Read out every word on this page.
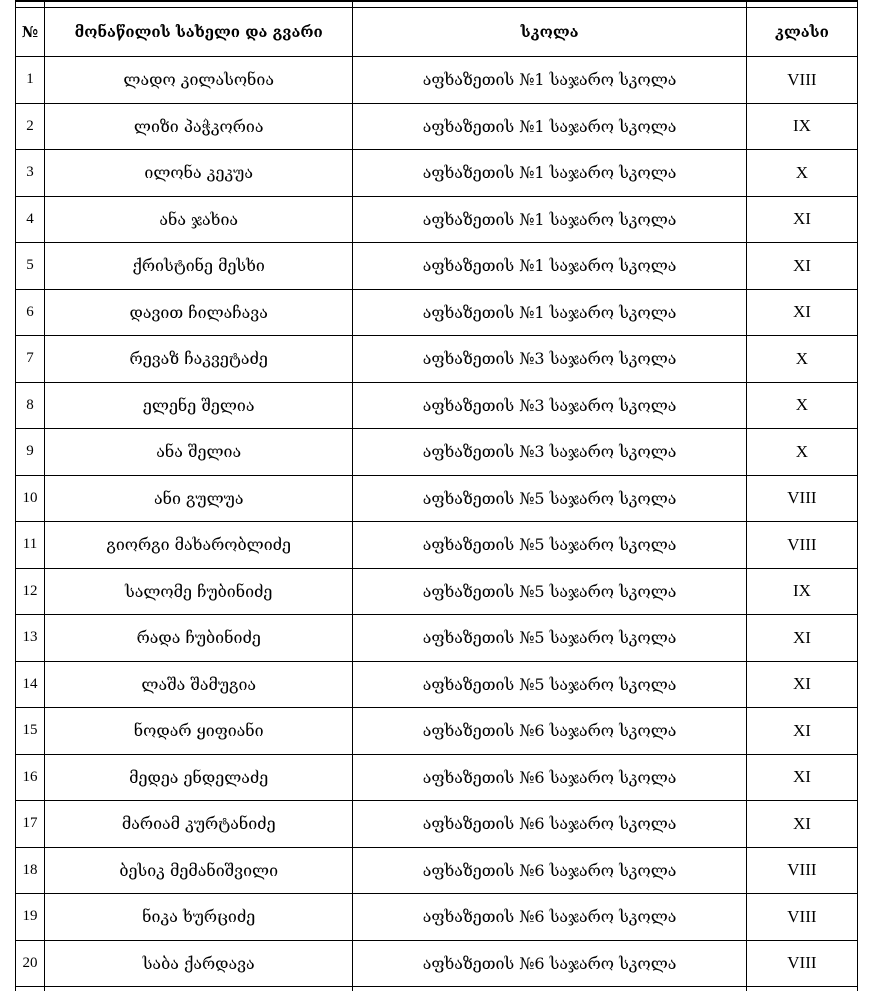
№	მონაწილის სახელი და გვარი	სკოლა	კლასი
1	ლადო კილასონია	აფხაზეთის №1 საჯარო სკოლა	VIII
2	ლიზი პაჭკორია	აფხაზეთის №1 საჯარო სკოლა	IX
3	ილონა კეკუა	აფხაზეთის №1 საჯარო სკოლა	X
4	ანა ჯახია	აფხაზეთის №1 საჯარო სკოლა	XI
5	ქრისტინე მესხი	აფხაზეთის №1 საჯარო სკოლა	XI
6	დავით ჩილაჩავა	აფხაზეთის №1 საჯარო სკოლა	XI
7	რევაზ ჩაკვეტაძე	აფხაზეთის №3 საჯარო სკოლა	X
8	ელენე შელია	აფხაზეთის №3 საჯარო სკოლა	X
9	ანა შელია	აფხაზეთის №3 საჯარო სკოლა	X
10	ანი გულუა	აფხაზეთის №5 საჯარო სკოლა	VIII
11	გიორგი მახარობლიძე	აფხაზეთის №5 საჯარო სკოლა	VIII
12	სალომე ჩუბინიძე	აფხაზეთის №5 საჯარო სკოლა	IX
13	რადა ჩუბინიძე	აფხაზეთის №5 საჯარო სკოლა	XI
14	ლაშა შამუგია	აფხაზეთის №5 საჯარო სკოლა	XI
15	ნოდარ ყიფიანი	აფხაზეთის №6 საჯარო სკოლა	XI
16	მედეა ენდელაძე	აფხაზეთის №6 საჯარო სკოლა	XI
17	მარიამ კურტანიძე	აფხაზეთის №6 საჯარო სკოლა	XI
18	ბესიკ მემანიშვილი	აფხაზეთის №6 საჯარო სკოლა	VIII
19	ნიკა ხურციძე	აფხაზეთის №6 საჯარო სკოლა	VIII
20	საბა ქარდავა	აფხაზეთის №6 საჯარო სკოლა	VIII
